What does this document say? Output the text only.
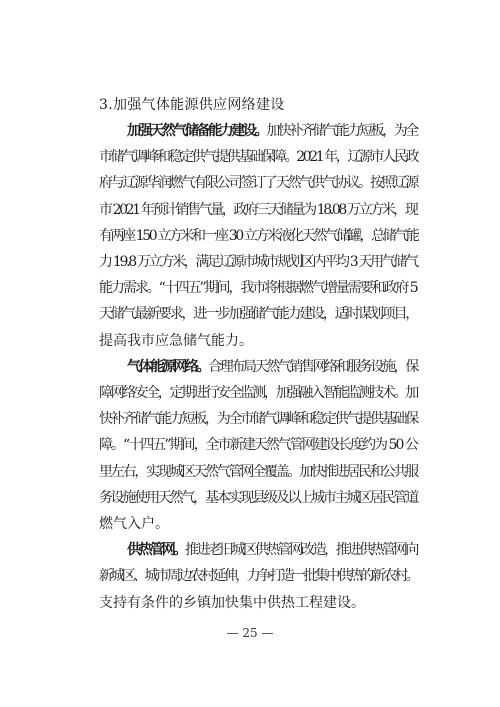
3.加强气体能源供应网络建设
加强天然气储备能力建设。加快补齐储气能力短板，为全
市储气调峰和稳定供气提供基础保障。2021 年，辽源市人民政
府与辽源华润燃气有限公司签订了天然气供气协议。按照辽源
市 2021 年预计销售气量，政府三天储量为 18.08 万立方米，现
有两座 150 立方米和一座 30 立方米液化天然气储罐，总储气能
力 19.8 万立方米，满足辽源市城市规划区内平均 3 天用气储气
能力需求。“十四五”期间，我市将根据燃气增量需要和政府 5
天储气最新要求，进一步加强储气能力建设，适时谋划项目，
提高我市应急储气能力。
气体能源网络。合理布局天然气销售网络和服务设施，保
障网络安全，定期进行安全监测，加强融入智能监测技术。加
快补齐储气能力短板，为全市储气调峰和稳定供气提供基础保
障。“十四五”期间，全市新建天然气管网建设长度约为 50 公
里左右，实现城区天然气管网全覆盖。加快推进居民和公共服
务设施使用天然气，基本实现县级及以上城市主城区居民管道
燃气入户。
供热管网。推进老旧城区供热管网改造，推进供热管网向
新城区、城市周边农村延伸，力争打造一批集中供热的新农村。
支持有条件的乡镇加快集中供热工程建设。
— 25 —
